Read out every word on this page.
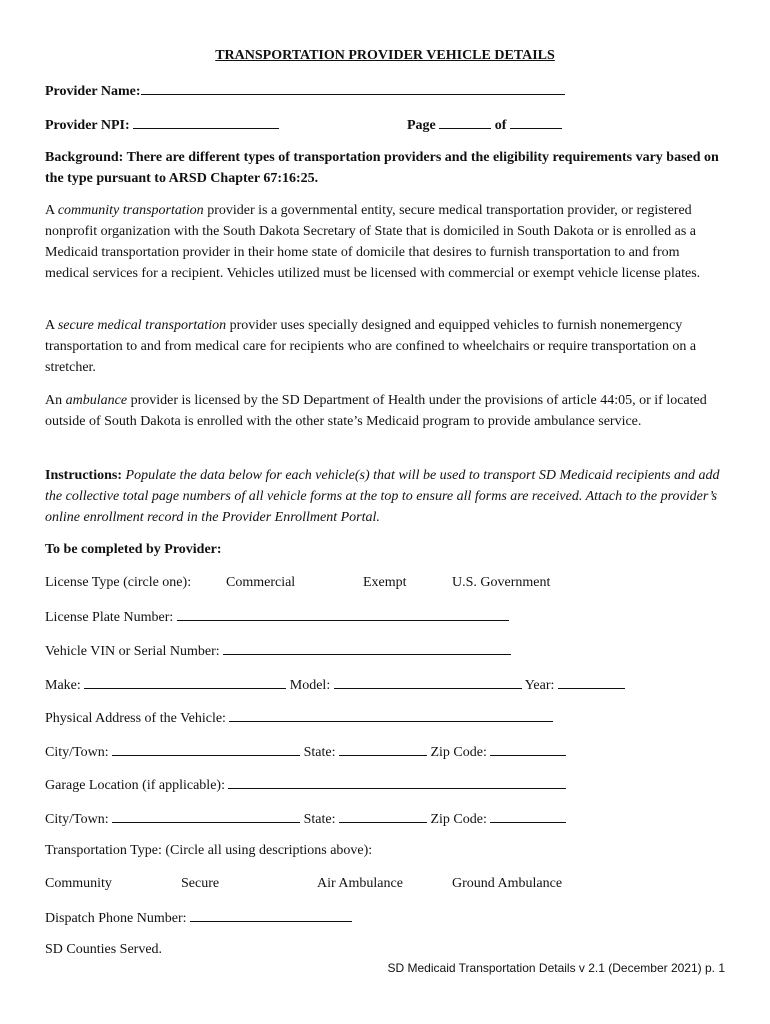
TRANSPORTATION PROVIDER VEHICLE DETAILS
Provider Name:
Provider NPI:	Page	of
Background: There are different types of transportation providers and the eligibility requirements vary based on the type pursuant to ARSD Chapter 67:16:25.
A community transportation provider is a governmental entity, secure medical transportation provider, or registered nonprofit organization with the South Dakota Secretary of State that is domiciled in South Dakota or is enrolled as a Medicaid transportation provider in their home state of domicile that desires to furnish transportation to and from medical services for a recipient. Vehicles utilized must be licensed with commercial or exempt vehicle license plates.
A secure medical transportation provider uses specially designed and equipped vehicles to furnish nonemergency transportation to and from medical care for recipients who are confined to wheelchairs or require transportation on a stretcher.
An ambulance provider is licensed by the SD Department of Health under the provisions of article 44:05, or if located outside of South Dakota is enrolled with the other state’s Medicaid program to provide ambulance service.
Instructions: Populate the data below for each vehicle(s) that will be used to transport SD Medicaid recipients and add the collective total page numbers of all vehicle forms at the top to ensure all forms are received. Attach to the provider’s online enrollment record in the Provider Enrollment Portal.
To be completed by Provider:
License Type (circle one): Commercial	Exempt	U.S. Government
License Plate Number:
Vehicle VIN or Serial Number:
Make:	Model:	Year:
Physical Address of the Vehicle:
City/Town:	State:	Zip Code:
Garage Location (if applicable):
City/Town:	State:	Zip Code:
Transportation Type: (Circle all using descriptions above):
Community	Secure	Air Ambulance	Ground Ambulance
Dispatch Phone Number:
SD Counties Served.
SD Medicaid Transportation Details v 2.1 (December 2021) p. 1
